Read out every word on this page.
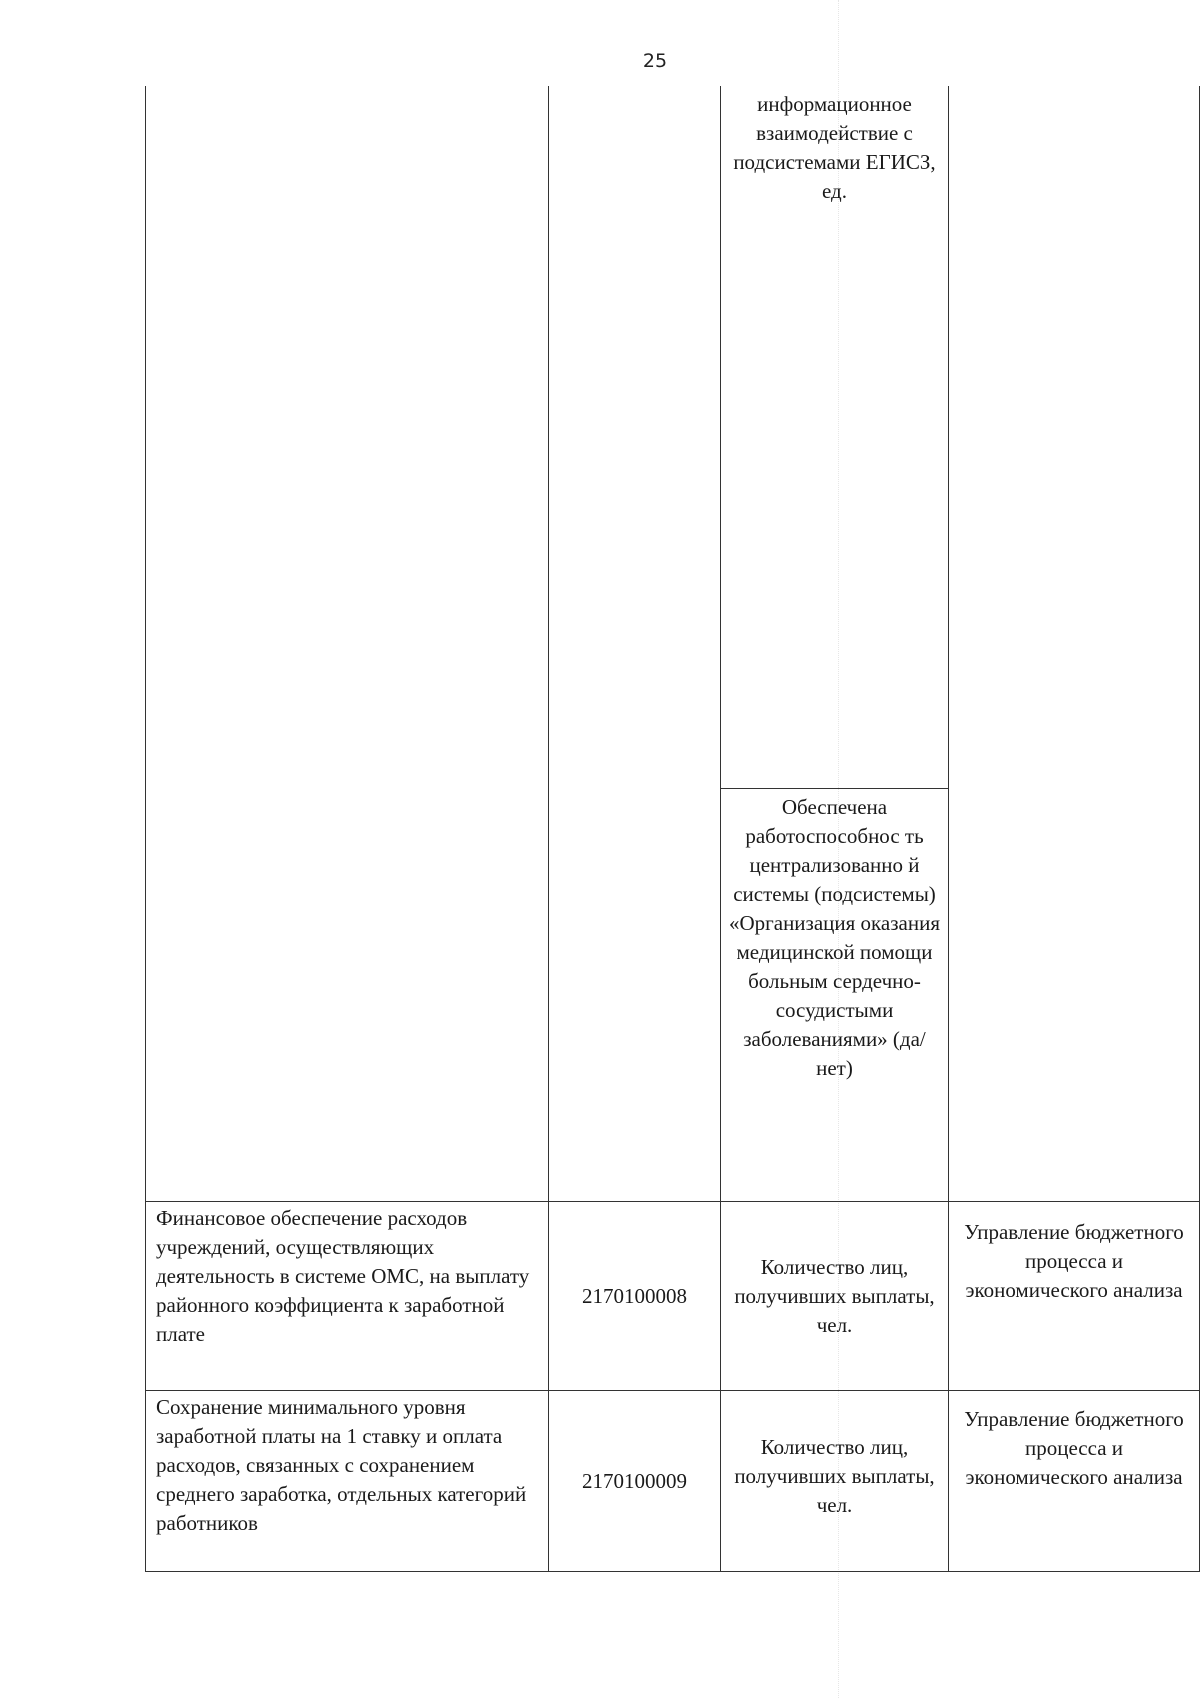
25
		информационное взаимодействие с подсистемами ЕГИСЗ, ед.	
		Обеспечена работоспособнос ть централизованно й системы (подсистемы) «Организация оказания медицинской помощи больным сердечно-сосудистыми заболеваниями» (да/нет)	
Финансовое обеспечение расходов учреждений, осуществляющих деятельность в системе ОМС, на выплату районного коэффициента к заработной плате	2170100008	Количество лиц, получивших выплаты, чел.	Управление бюджетного процесса и экономического анализа
Сохранение минимального уровня заработной платы на 1 ставку и оплата расходов, связанных с сохранением среднего заработка, отдельных категорий работников	2170100009	Количество лиц, получивших выплаты, чел.	Управление бюджетного процесса и экономического анализа
